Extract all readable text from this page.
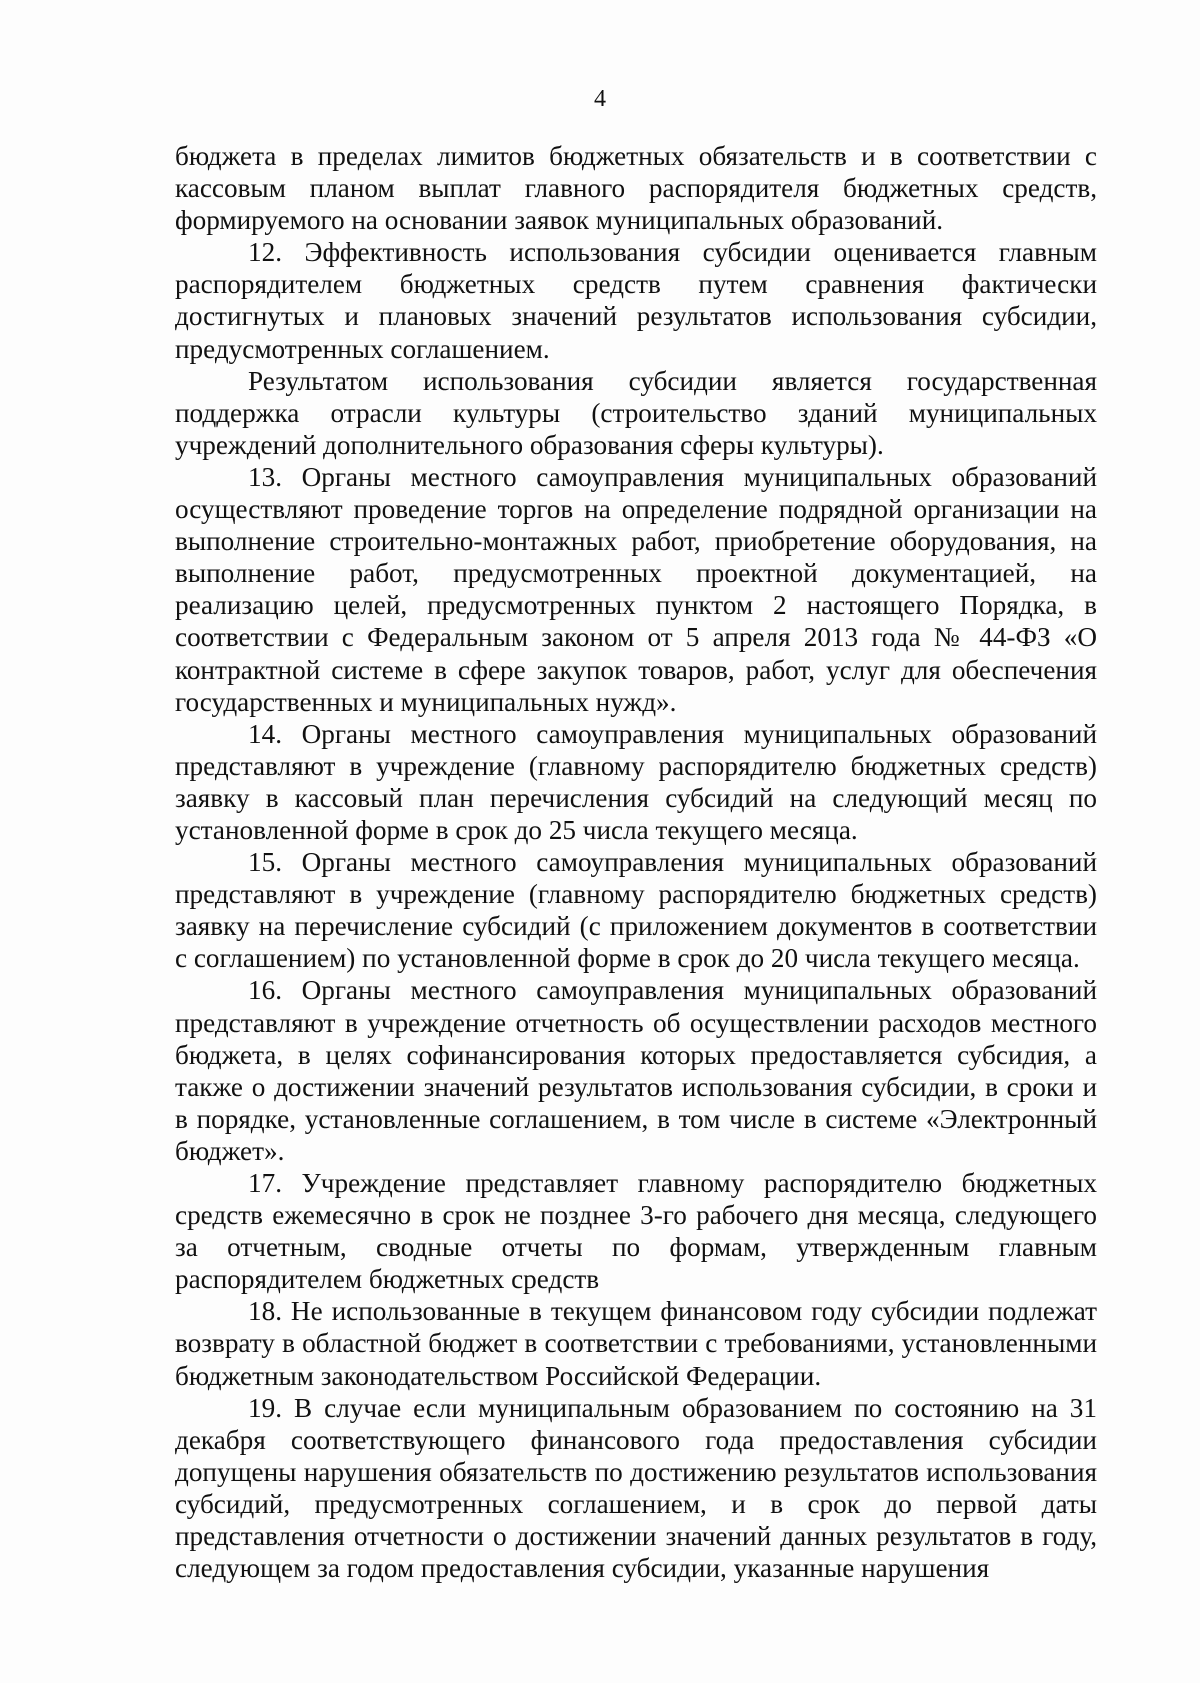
4

бюджета в пределах лимитов бюджетных обязательств и в соответствии с кассовым планом выплат главного распорядителя бюджетных средств, формируемого на основании заявок муниципальных образований.

12. Эффективность использования субсидии оценивается главным распорядителем бюджетных средств путем сравнения фактически достигнутых и плановых значений результатов использования субсидии, предусмотренных соглашением.

Результатом использования субсидии является государственная поддержка отрасли культуры (строительство зданий муниципальных учреждений дополнительного образования сферы культуры).

13. Органы местного самоуправления муниципальных образований осуществляют проведение торгов на определение подрядной организации на выполнение строительно-монтажных работ, приобретение оборудования, на выполнение работ, предусмотренных проектной документацией, на реализацию целей, предусмотренных пунктом 2 настоящего Порядка, в соответствии с Федеральным законом от 5 апреля 2013 года № 44-ФЗ «О контрактной системе в сфере закупок товаров, работ, услуг для обеспечения государственных и муниципальных нужд».

14. Органы местного самоуправления муниципальных образований представляют в учреждение (главному распорядителю бюджетных средств) заявку в кассовый план перечисления субсидий на следующий месяц по установленной форме в срок до 25 числа текущего месяца.

15. Органы местного самоуправления муниципальных образований представляют в учреждение (главному распорядителю бюджетных средств) заявку на перечисление субсидий (с приложением документов в соответствии с соглашением) по установленной форме в срок до 20 числа текущего месяца.

16. Органы местного самоуправления муниципальных образований представляют в учреждение отчетность об осуществлении расходов местного бюджета, в целях софинансирования которых предоставляется субсидия, а также о достижении значений результатов использования субсидии, в сроки и в порядке, установленные соглашением, в том числе в системе «Электронный бюджет».

17. Учреждение представляет главному распорядителю бюджетных средств ежемесячно в срок не позднее 3-го рабочего дня месяца, следующего за отчетным, сводные отчеты по формам, утвержденным главным распорядителем бюджетных средств

18. Не использованные в текущем финансовом году субсидии подлежат возврату в областной бюджет в соответствии с требованиями, установленными бюджетным законодательством Российской Федерации.

19. В случае если муниципальным образованием по состоянию на 31 декабря соответствующего финансового года предоставления субсидии допущены нарушения обязательств по достижению результатов использования субсидий, предусмотренных соглашением, и в срок до первой даты представления отчетности о достижении значений данных результатов в году, следующем за годом предоставления субсидии, указанные нарушения
